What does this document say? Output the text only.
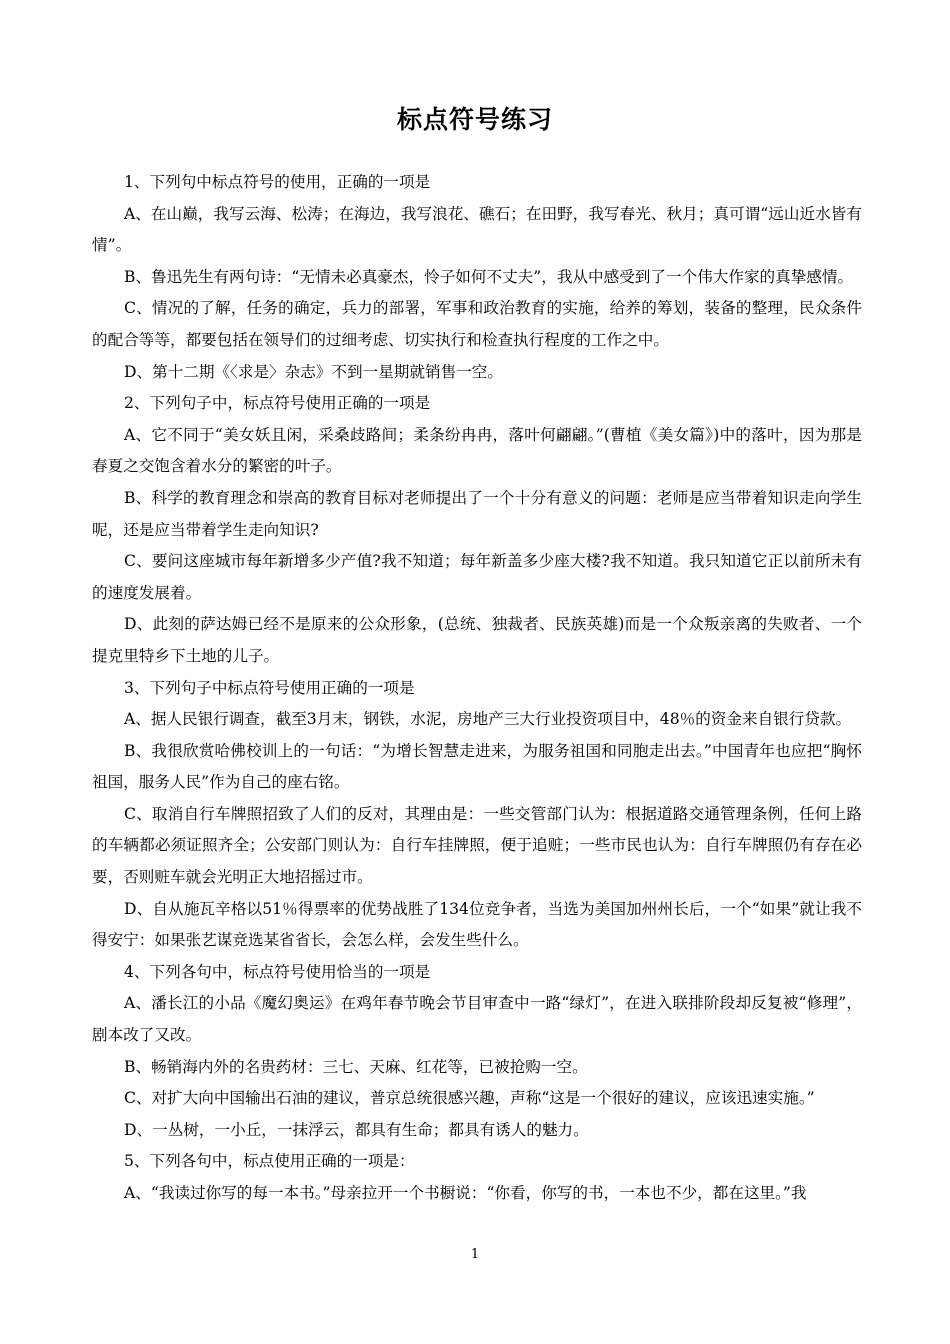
标点符号练习

1、下列句中标点符号的使用，正确的一项是

A、在山巅，我写云海、松涛；在海边，我写浪花、礁石；在田野，我写春光、秋月；真可谓“远山近水皆有情”。

B、鲁迅先生有两句诗：“无情未必真豪杰，怜子如何不丈夫”，我从中感受到了一个伟大作家的真挚感情。

C、情况的了解，任务的确定，兵力的部署，军事和政治教育的实施，给养的筹划，装备的整理，民众条件的配合等等，都要包括在领导们的过细考虑、切实执行和检查执行程度的工作之中。

D、第十二期《〈求是〉杂志》不到一星期就销售一空。

2、下列句子中，标点符号使用正确的一项是

A、它不同于“美女妖且闲，采桑歧路间；柔条纷冉冉，落叶何翩翩。”(曹植《美女篇》)中的落叶，因为那是春夏之交饱含着水分的繁密的叶子。

B、科学的教育理念和崇高的教育目标对老师提出了一个十分有意义的问题：老师是应当带着知识走向学生呢，还是应当带着学生走向知识?

C、要问这座城市每年新增多少产值?我不知道；每年新盖多少座大楼?我不知道。我只知道它正以前所未有的速度发展着。

D、此刻的萨达姆已经不是原来的公众形象，(总统、独裁者、民族英雄)而是一个众叛亲离的失败者、一个提克里特乡下土地的儿子。

3、下列句子中标点符号使用正确的一项是

A、据人民银行调查，截至3月末，钢铁，水泥，房地产三大行业投资项目中，48％的资金来自银行贷款。

B、我很欣赏哈佛校训上的一句话：“为增长智慧走进来，为服务祖国和同胞走出去。”中国青年也应把“胸怀祖国，服务人民”作为自己的座右铭。

C、取消自行车牌照招致了人们的反对，其理由是：一些交管部门认为：根据道路交通管理条例，任何上路的车辆都必须证照齐全；公安部门则认为：自行车挂牌照，便于追赃；一些市民也认为：自行车牌照仍有存在必要，否则赃车就会光明正大地招摇过市。

D、自从施瓦辛格以51％得票率的优势战胜了134位竞争者，当选为美国加州州长后，一个“如果”就让我不得安宁：如果张艺谋竞选某省省长，会怎么样，会发生些什么。

4、下列各句中，标点符号使用恰当的一项是

A、潘长江的小品《魔幻奥运》在鸡年春节晚会节目审查中一路“绿灯”，在进入联排阶段却反复被“修理”，剧本改了又改。

B、畅销海内外的名贵药材：三七、天麻、红花等，已被抢购一空。

C、对扩大向中国输出石油的建议，普京总统很感兴趣，声称“这是一个很好的建议，应该迅速实施。”

D、一丛树，一小丘，一抹浮云，都具有生命；都具有诱人的魅力。

5、下列各句中，标点使用正确的一项是：

A、“我读过你写的每一本书。”母亲拉开一个书橱说：“你看，你写的书，一本也不少，都在这里。”我

1
